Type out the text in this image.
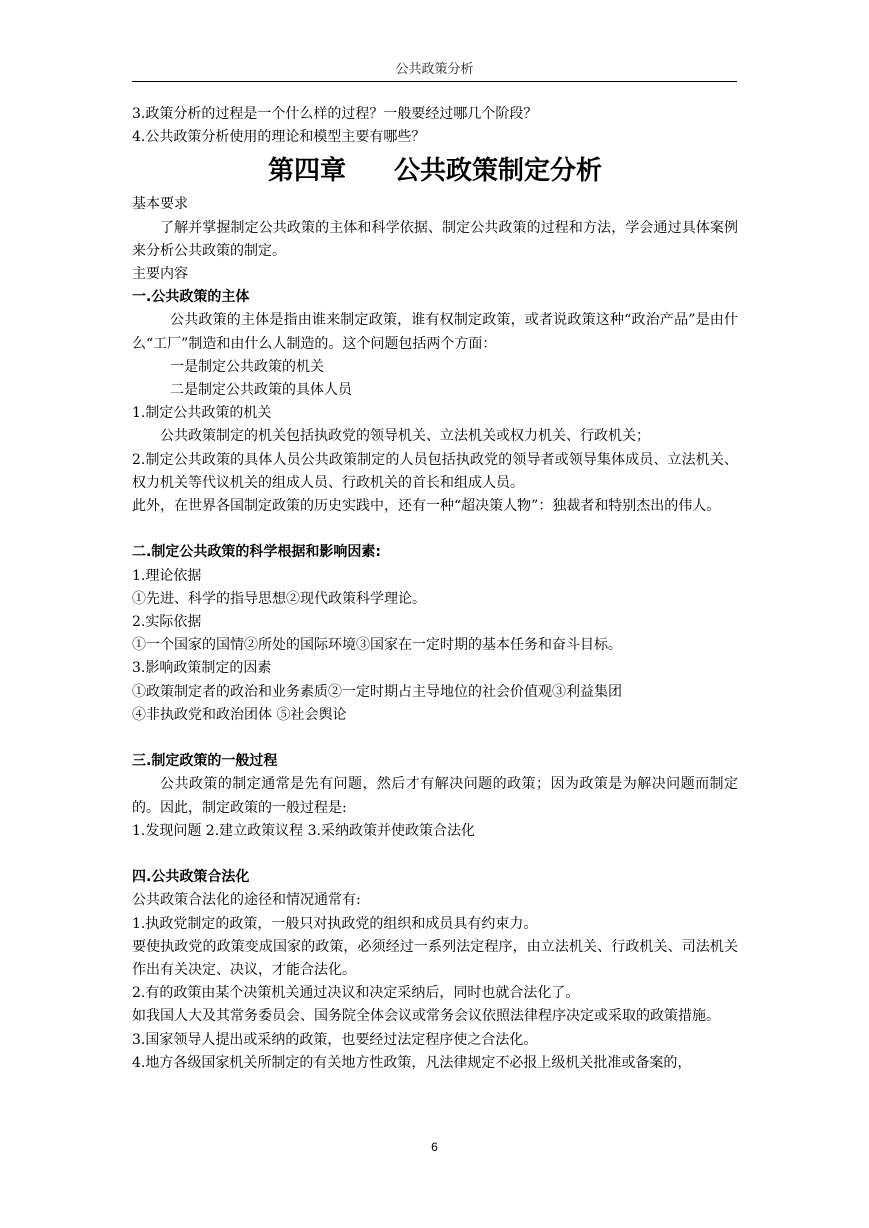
公共政策分析

3.政策分析的过程是一个什么样的过程？一般要经过哪几个阶段？

4.公共政策分析使用的理论和模型主要有哪些？

第四章 公共政策制定分析

基本要求

了解并掌握制定公共政策的主体和科学依据、制定公共政策的过程和方法，学会通过具体案例来分析公共政策的制定。

主要内容

一.公共政策的主体

公共政策的主体是指由谁来制定政策，谁有权制定政策，或者说政策这种“政治产品”是由什么“工厂”制造和由什么人制造的。这个问题包括两个方面：

一是制定公共政策的机关

二是制定公共政策的具体人员

1.制定公共政策的机关

公共政策制定的机关包括执政党的领导机关、立法机关或权力机关、行政机关；

2.制定公共政策的具体人员公共政策制定的人员包括执政党的领导者或领导集体成员、立法机关、权力机关等代议机关的组成人员、行政机关的首长和组成人员。

此外，在世界各国制定政策的历史实践中，还有一种“超决策人物”：独裁者和特别杰出的伟人。

二.制定公共政策的科学根据和影响因素:

1.理论依据

①先进、科学的指导思想②现代政策科学理论。

2.实际依据

①一个国家的国情②所处的国际环境③国家在一定时期的基本任务和奋斗目标。

3.影响政策制定的因素

①政策制定者的政治和业务素质②一定时期占主导地位的社会价值观③利益集团

④非执政党和政治团体 ⑤社会舆论

三.制定政策的一般过程

公共政策的制定通常是先有问题，然后才有解决问题的政策；因为政策是为解决问题而制定的。因此，制定政策的一般过程是:

1.发现问题 2.建立政策议程 3.采纳政策并使政策合法化

四.公共政策合法化

公共政策合法化的途径和情况通常有:

1.执政党制定的政策，一般只对执政党的组织和成员具有约束力。

要使执政党的政策变成国家的政策，必须经过一系列法定程序，由立法机关、行政机关、司法机关作出有关决定、决议，才能合法化。

2.有的政策由某个决策机关通过决议和决定采纳后，同时也就合法化了。

如我国人大及其常务委员会、国务院全体会议或常务会议依照法律程序决定或采取的政策措施。

3.国家领导人提出或采纳的政策，也要经过法定程序使之合法化。

4.地方各级国家机关所制定的有关地方性政策，凡法律规定不必报上级机关批准或备案的，

6
